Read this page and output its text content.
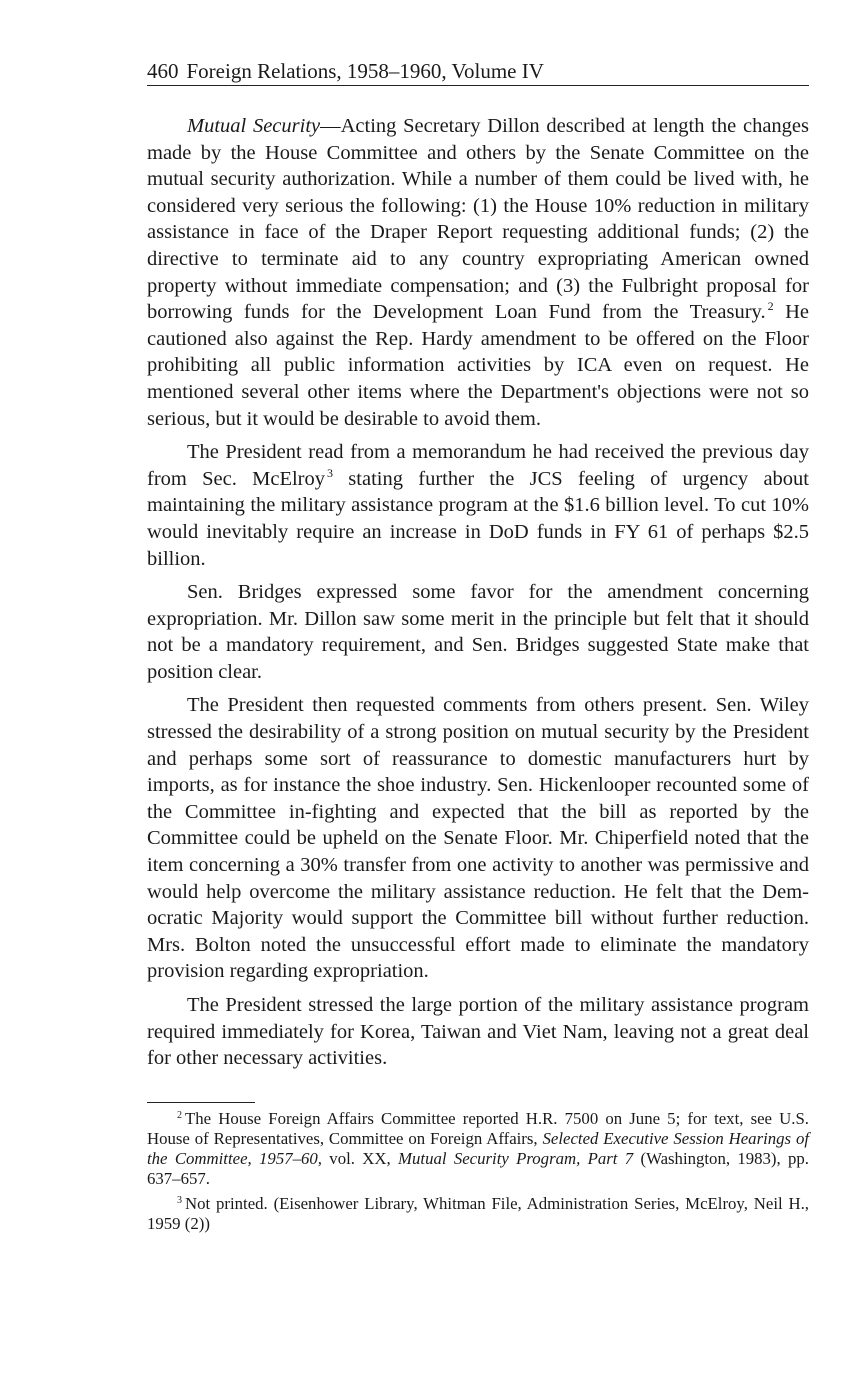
460 Foreign Relations, 1958–1960, Volume IV

Mutual Security—Acting Secretary Dillon described at length the changes made by the House Committee and others by the Senate Committee on the mutual security authorization. While a number of them could be lived with, he considered very serious the following: (1) the House 10% reduction in military assistance in face of the Draper Report requesting additional funds; (2) the directive to terminate aid to any country expropriating American owned property without immediate compensation; and (3) the Fulbright proposal for borrowing funds for the Development Loan Fund from the Treasury. $^2$ He cautioned also against the Rep. Hardy amendment to be offered on the Floor prohibiting all public information activities by ICA even on request. He mentioned several other items where the Department's objections were not so serious, but it would be desirable to avoid them.

The President read from a memorandum he had received the previous day from Sec. McElroy $^3$ stating further the JCS feeling of urgency about maintaining the military assistance program at the $1.6 billion level. To cut 10% would inevitably require an increase in DoD funds in FY 61 of perhaps $2.5 billion.

Sen. Bridges expressed some favor for the amendment concerning expropriation. Mr. Dillon saw some merit in the principle but felt that it should not be a mandatory requirement, and Sen. Bridges suggested State make that position clear.

The President then requested comments from others present. Sen. Wiley stressed the desirability of a strong position on mutual security by the President and perhaps some sort of reassurance to domestic manufacturers hurt by imports, as for instance the shoe industry. Sen. Hickenlooper recounted some of the Committee in-fighting and expected that the bill as reported by the Committee could be upheld on the Senate Floor. Mr. Chiperfield noted that the item concerning a 30% transfer from one activity to another was permissive and would help overcome the military assistance reduction. He felt that the Democratic Majority would support the Committee bill without further reduction. Mrs. Bolton noted the unsuccessful effort made to eliminate the mandatory provision regarding expropriation.

The President stressed the large portion of the military assistance program required immediately for Korea, Taiwan and Viet Nam, leaving not a great deal for other necessary activities.

$^2$ The House Foreign Affairs Committee reported H.R. 7500 on June 5; for text, see U.S. House of Representatives, Committee on Foreign Affairs, Selected Executive Session Hearings of the Committee, 1957–60, vol. XX, Mutual Security Program, Part 7 (Washington, 1983), pp. 637–657.

$^3$ Not printed. (Eisenhower Library, Whitman File, Administration Series, McElroy, Neil H., 1959 (2))
